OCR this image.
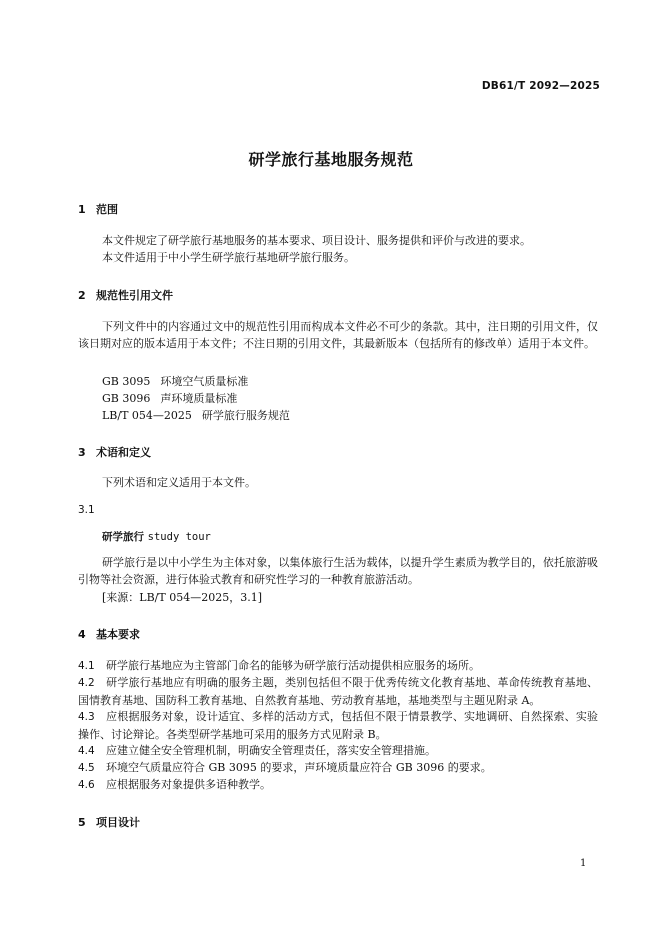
DB61/T 2092—2025
研学旅行基地服务规范
1 范围
本文件规定了研学旅行基地服务的基本要求、项目设计、服务提供和评价与改进的要求。
本文件适用于中小学生研学旅行基地研学旅行服务。
2 规范性引用文件
下列文件中的内容通过文中的规范性引用而构成本文件必不可少的条款。其中，注日期的引用文件，仅该日期对应的版本适用于本文件；不注日期的引用文件，其最新版本（包括所有的修改单）适用于本文件。
GB 3095 环境空气质量标准
GB 3096 声环境质量标准
LB/T 054—2025 研学旅行服务规范
3 术语和定义
下列术语和定义适用于本文件。
3.1
研学旅行 study tour
研学旅行是以中小学生为主体对象，以集体旅行生活为载体，以提升学生素质为教学目的，依托旅游吸引物等社会资源，进行体验式教育和研究性学习的一种教育旅游活动。
[来源：LB/T 054—2025，3.1]
4 基本要求
4.1 研学旅行基地应为主管部门命名的能够为研学旅行活动提供相应服务的场所。
4.2 研学旅行基地应有明确的服务主题，类别包括但不限于优秀传统文化教育基地、革命传统教育基地、国情教育基地、国防科工教育基地、自然教育基地、劳动教育基地，基地类型与主题见附录 A。
4.3 应根据服务对象，设计适宜、多样的活动方式，包括但不限于情景教学、实地调研、自然探索、实验操作、讨论辩论。各类型研学基地可采用的服务方式见附录 B。
4.4 应建立健全安全管理机制，明确安全管理责任，落实安全管理措施。
4.5 环境空气质量应符合 GB 3095 的要求，声环境质量应符合 GB 3096 的要求。
4.6 应根据服务对象提供多语种教学。
5 项目设计
1
